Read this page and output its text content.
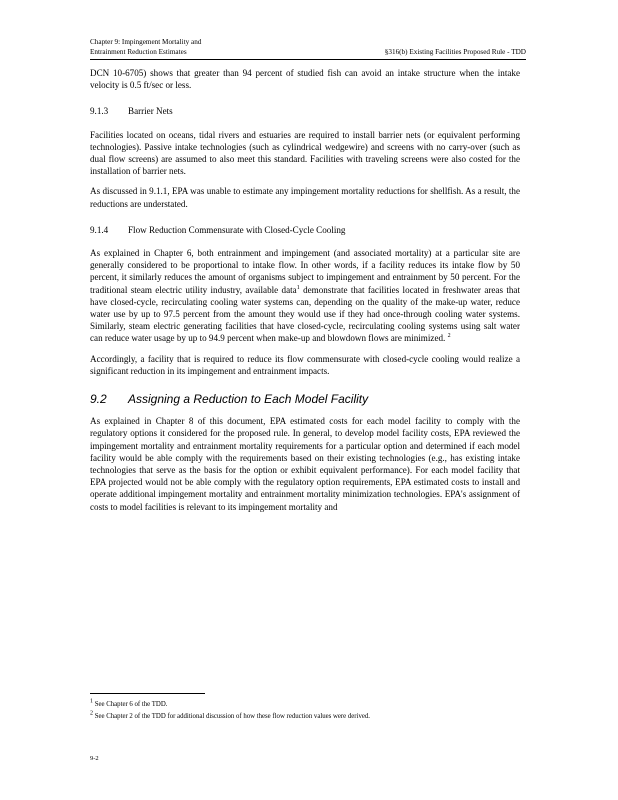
Chapter 9: Impingement Mortality and
Entrainment Reduction Estimates	§316(b) Existing Facilities Proposed Rule - TDD

DCN 10-6705) shows that greater than 94 percent of studied fish can avoid an intake structure when the intake velocity is 0.5 ft/sec or less.

9.1.3 Barrier Nets

Facilities located on oceans, tidal rivers and estuaries are required to install barrier nets (or equivalent performing technologies). Passive intake technologies (such as cylindrical wedgewire) and screens with no carry-over (such as dual flow screens) are assumed to also meet this standard. Facilities with traveling screens were also costed for the installation of barrier nets.

As discussed in 9.1.1, EPA was unable to estimate any impingement mortality reductions for shellfish. As a result, the reductions are understated.

9.1.4 Flow Reduction Commensurate with Closed-Cycle Cooling

As explained in Chapter 6, both entrainment and impingement (and associated mortality) at a particular site are generally considered to be proportional to intake flow. In other words, if a facility reduces its intake flow by 50 percent, it similarly reduces the amount of organisms subject to impingement and entrainment by 50 percent. For the traditional steam electric utility industry, available data$^1$ demonstrate that facilities located in freshwater areas that have closed-cycle, recirculating cooling water systems can, depending on the quality of the make-up water, reduce water use by up to 97.5 percent from the amount they would use if they had once-through cooling water systems. Similarly, steam electric generating facilities that have closed-cycle, recirculating cooling systems using salt water can reduce water usage by up to 94.9 percent when make-up and blowdown flows are minimized. $^2$

Accordingly, a facility that is required to reduce its flow commensurate with closed-cycle cooling would realize a significant reduction in its impingement and entrainment impacts.

9.2 Assigning a Reduction to Each Model Facility

As explained in Chapter 8 of this document, EPA estimated costs for each model facility to comply with the regulatory options it considered for the proposed rule. In general, to develop model facility costs, EPA reviewed the impingement mortality and entrainment mortality requirements for a particular option and determined if each model facility would be able comply with the requirements based on their existing technologies (e.g., has existing intake technologies that serve as the basis for the option or exhibit equivalent performance). For each model facility that EPA projected would not be able comply with the regulatory option requirements, EPA estimated costs to install and operate additional impingement mortality and entrainment mortality minimization technologies. EPA's assignment of costs to model facilities is relevant to its impingement mortality and

$^1$ See Chapter 6 of the TDD.
$^2$ See Chapter 2 of the TDD for additional discussion of how these flow reduction values were derived.
9-2
